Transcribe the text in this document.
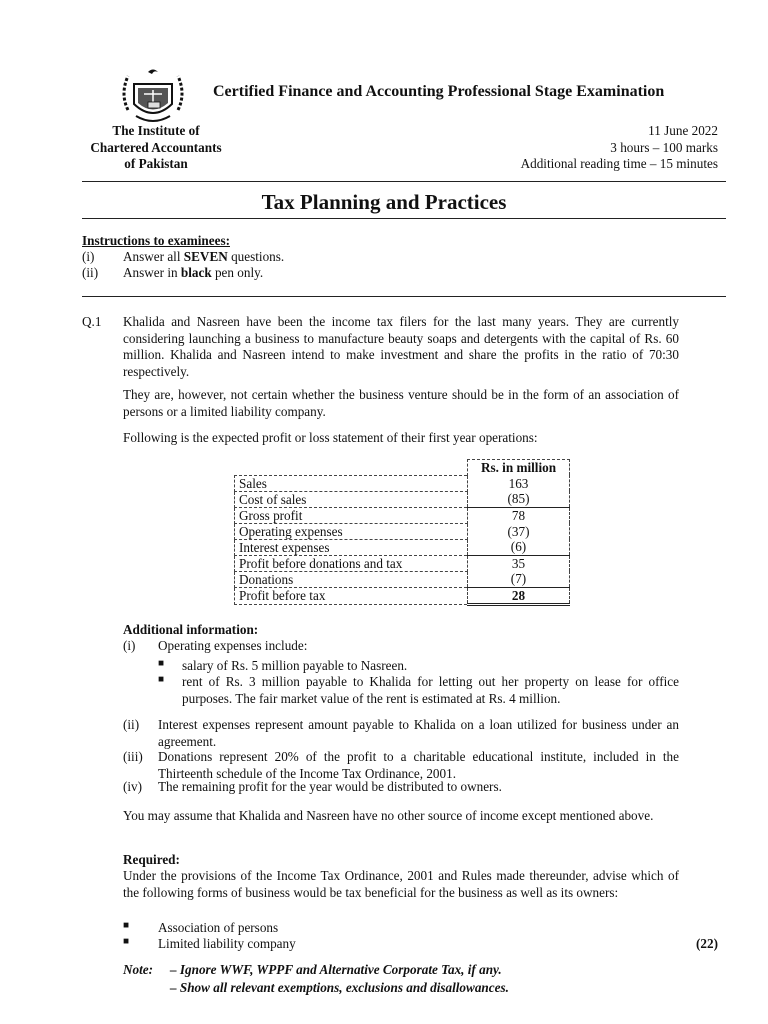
Certified Finance and Accounting Professional Stage Examination
The Institute of
Chartered Accountants
of Pakistan
11 June 2022
3 hours – 100 marks
Additional reading time – 15 minutes
Tax Planning and Practices
Instructions to examinees:
(i) Answer all SEVEN questions.
(ii) Answer in black pen only.
Q.1 Khalida and Nasreen have been the income tax filers for the last many years. They are currently considering launching a business to manufacture beauty soaps and detergents with the capital of Rs. 60 million. Khalida and Nasreen intend to make investment and share the profits in the ratio of 70:30 respectively.
They are, however, not certain whether the business venture should be in the form of an association of persons or a limited liability company.
Following is the expected profit or loss statement of their first year operations:
	Rs. in million
Sales	163
Cost of sales	(85)
Gross profit	78
Operating expenses	(37)
Interest expenses	(6)
Profit before donations and tax	35
Donations	(7)
Profit before tax	28
Additional information:
(i) Operating expenses include:
■ salary of Rs. 5 million payable to Nasreen.
■ rent of Rs. 3 million payable to Khalida for letting out her property on lease for office purposes. The fair market value of the rent is estimated at Rs. 4 million.
(ii) Interest expenses represent amount payable to Khalida on a loan utilized for business under an agreement.
(iii) Donations represent 20% of the profit to a charitable educational institute, included in the Thirteenth schedule of the Income Tax Ordinance, 2001.
(iv) The remaining profit for the year would be distributed to owners.
You may assume that Khalida and Nasreen have no other source of income except mentioned above.
Required:
Under the provisions of the Income Tax Ordinance, 2001 and Rules made thereunder, advise which of the following forms of business would be tax beneficial for the business as well as its owners:
■ Association of persons
■ Limited liability company	(22)
Note: – Ignore WWF, WPPF and Alternative Corporate Tax, if any.
– Show all relevant exemptions, exclusions and disallowances.
